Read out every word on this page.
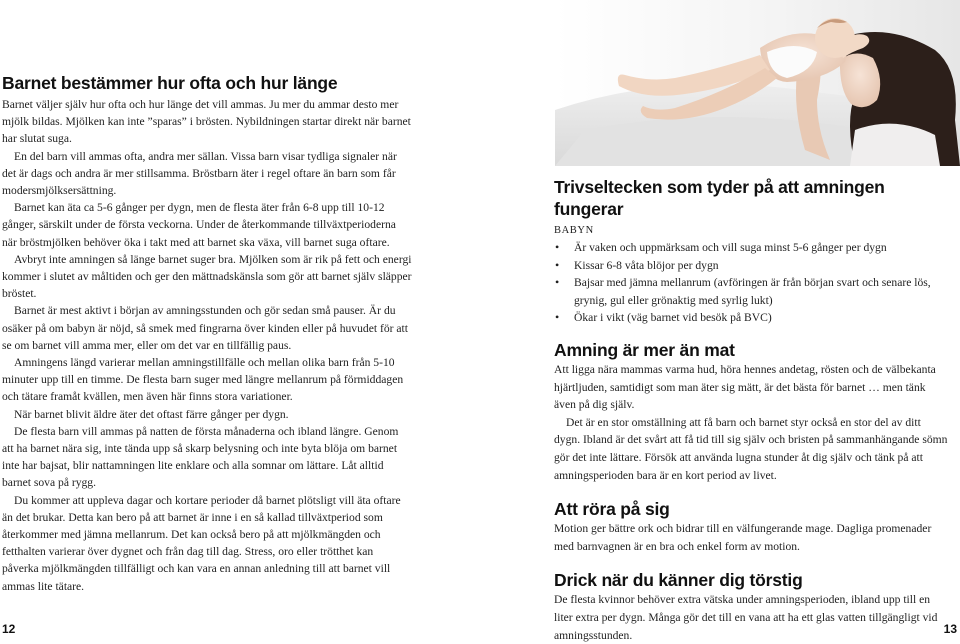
Barnet bestämmer hur ofta och hur länge

Barnet väljer själv hur ofta och hur länge det vill ammas. Ju mer du ammar desto mer mjölk bildas. Mjölken kan inte ”sparas” i brösten. Nybildningen startar direkt när barnet har slutat suga.

En del barn vill ammas ofta, andra mer sällan. Vissa barn visar tydliga signaler när det är dags och andra är mer stillsamma. Bröstbarn äter i regel oftare än barn som får modersmjölksersättning.

Barnet kan äta ca 5-6 gånger per dygn, men de flesta äter från 6-8 upp till 10-12 gånger, särskilt under de första veckorna. Under de återkommande tillväxtperioderna när bröstmjölken behöver öka i takt med att barnet ska växa, vill barnet suga oftare.

Avbryt inte amningen så länge barnet suger bra. Mjölken som är rik på fett och energi kommer i slutet av måltiden och ger den mättnadskänsla som gör att barnet själv släpper bröstet.

Barnet är mest aktivt i början av amningsstunden och gör sedan små pauser. Är du osäker på om babyn är nöjd, så smek med fingrarna över kinden eller på huvudet för att se om barnet vill amma mer, eller om det var en tillfällig paus.

Amningens längd varierar mellan amningstillfälle och mellan olika barn från 5-10 minuter upp till en timme. De flesta barn suger med längre mellanrum på förmiddagen och tätare framåt kvällen, men även här finns stora variationer.

När barnet blivit äldre äter det oftast färre gånger per dygn.

De flesta barn vill ammas på natten de första månaderna och ibland längre. Genom att ha barnet nära sig, inte tända upp så skarp belysning och inte byta blöja om barnet inte har bajsat, blir nattamningen lite enklare och alla somnar om lättare. Låt alltid barnet sova på rygg.

Du kommer att uppleva dagar och kortare perioder då barnet plötsligt vill äta oftare än det brukar. Detta kan bero på att barnet är inne i en så kallad tillväxtperiod som återkommer med jämna mellanrum. Det kan också bero på att mjölkmängden och fetthalten varierar över dygnet och från dag till dag. Stress, oro eller trötthet kan påverka mjölkmängden tillfälligt och kan vara en annan anledning till att barnet vill ammas lite tätare.

12	13
Trivseltecken som tyder på att amningen fungerar

BABYN

• Är vaken och uppmärksam och vill suga minst 5-6 gånger per dygn
• Kissar 6-8 våta blöjor per dygn
• Bajsar med jämna mellanrum (avföringen är från början svart och senare lös, grynig, gul eller grönaktig med syrlig lukt)
• Ökar i vikt (väg barnet vid besök på BVC)
Amning är mer än mat

Att ligga nära mammas varma hud, höra hennes andetag, rösten och de välbekanta hjärtljuden, samtidigt som man äter sig mätt, är det bästa för barnet … men tänk även på dig själv.

Det är en stor omställning att få barn och barnet styr också en stor del av ditt dygn. Ibland är det svårt att få tid till sig själv och bristen på sammanhängande sömn gör det inte lättare. Försök att använda lugna stunder åt dig själv och tänk på att amningsperioden bara är en kort period av livet.

Att röra på sig

Motion ger bättre ork och bidrar till en välfungerande mage. Dagliga promenader med barnvagnen är en bra och enkel form av motion.

Drick när du känner dig törstig

De flesta kvinnor behöver extra vätska under amningsperioden, ibland upp till en liter extra per dygn. Många gör det till en vana att ha ett glas vatten tillgängligt vid amningsstunden.
